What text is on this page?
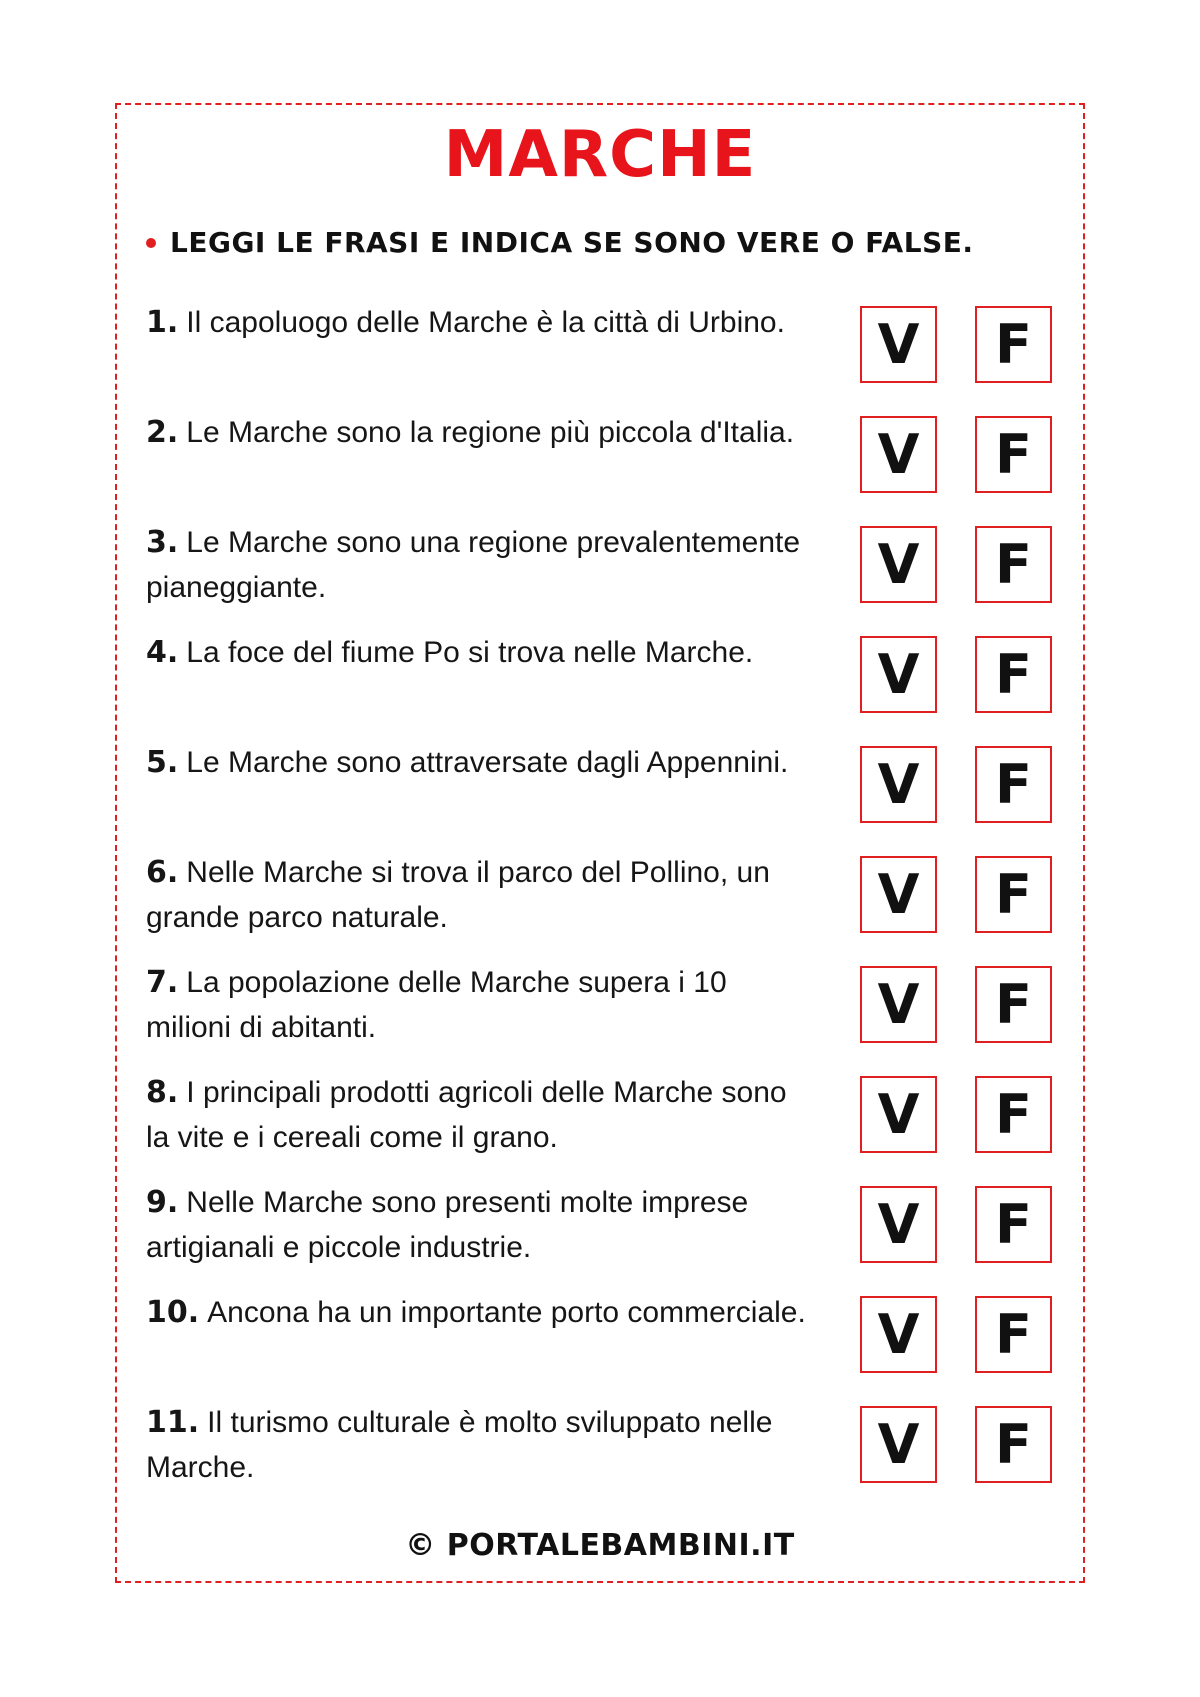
MARCHE
LEGGI LE FRASI E INDICA SE SONO VERE O FALSE.
1. Il capoluogo delle Marche è la città di Urbino.	V	F
2. Le Marche sono la regione più piccola d'Italia.	V	F
3. Le Marche sono una regione prevalentemente pianeggiante.	V	F
4. La foce del fiume Po si trova nelle Marche.	V	F
5. Le Marche sono attraversate dagli Appennini.	V	F
6. Nelle Marche si trova il parco del Pollino, un grande parco naturale.	V	F
7. La popolazione delle Marche supera i 10 milioni di abitanti.	V	F
8. I principali prodotti agricoli delle Marche sono la vite e i cereali come il grano.	V	F
9. Nelle Marche sono presenti molte imprese artigianali e piccole industrie.	V	F
10. Ancona ha un importante porto commerciale.	V	F
11. Il turismo culturale è molto sviluppato nelle Marche.	V	F
© PORTALEBAMBINI.IT
